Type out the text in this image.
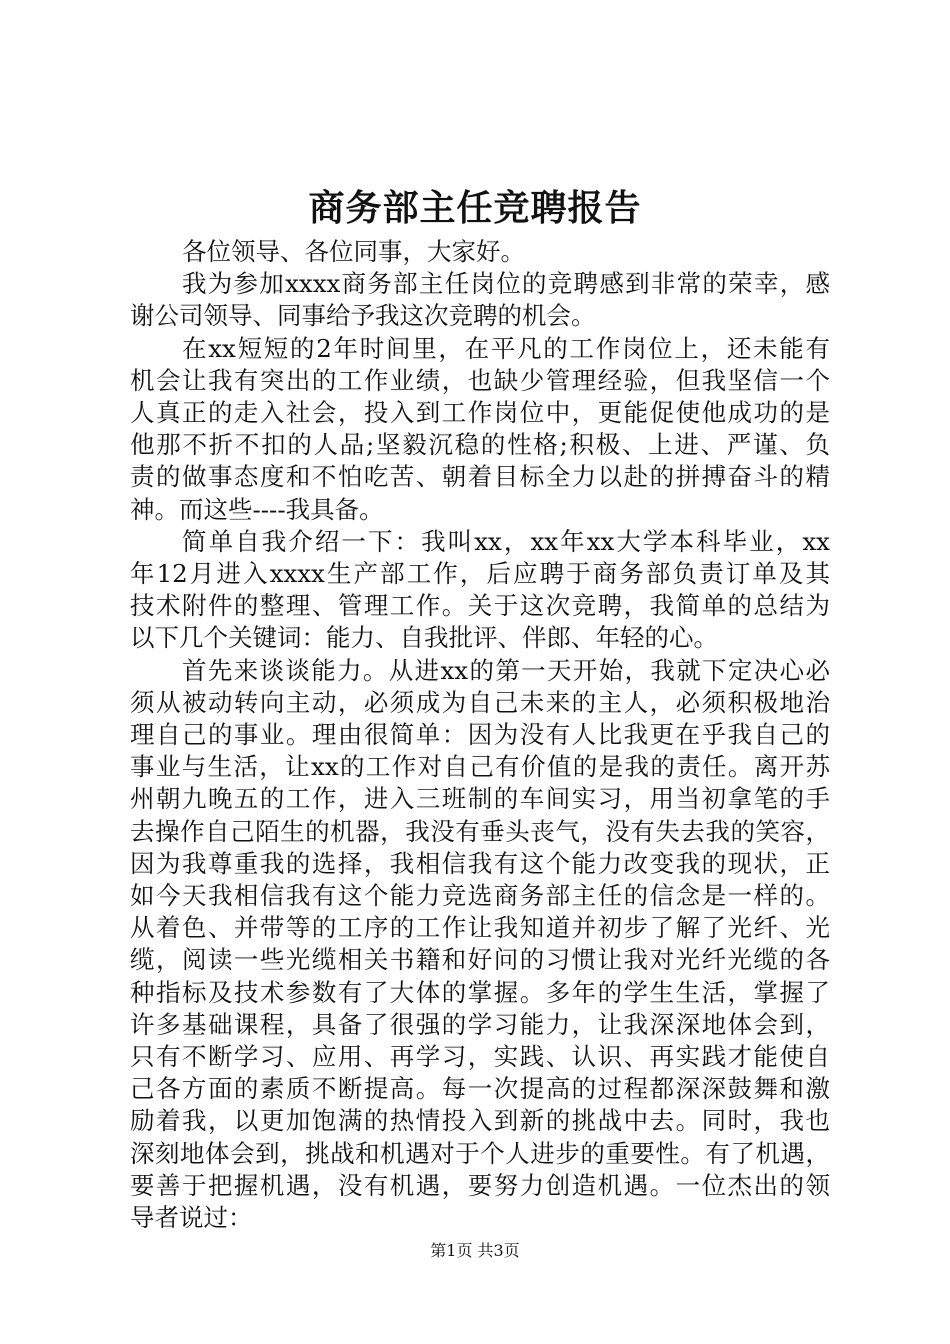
商务部主任竞聘报告
各位领导、各位同事，大家好。
我为参加xxxx商务部主任岗位的竞聘感到非常的荣幸，感
谢公司领导、同事给予我这次竞聘的机会。
在xx短短的2年时间里，在平凡的工作岗位上，还未能有
机会让我有突出的工作业绩，也缺少管理经验，但我坚信一个
人真正的走入社会，投入到工作岗位中，更能促使他成功的是
他那不折不扣的人品;坚毅沉稳的性格;积极、上进、严谨、负
责的做事态度和不怕吃苦、朝着目标全力以赴的拼搏奋斗的精
神。而这些----我具备。
简单自我介绍一下：我叫xx，xx年xx大学本科毕业，xx
年12月进入xxxx生产部工作，后应聘于商务部负责订单及其
技术附件的整理、管理工作。关于这次竞聘，我简单的总结为
以下几个关键词：能力、自我批评、伴郎、年轻的心。
首先来谈谈能力。从进xx的第一天开始，我就下定决心必
须从被动转向主动，必须成为自己未来的主人，必须积极地治
理自己的事业。理由很简单：因为没有人比我更在乎我自己的
事业与生活，让xx的工作对自己有价值的是我的责任。离开苏
州朝九晚五的工作，进入三班制的车间实习，用当初拿笔的手
去操作自己陌生的机器，我没有垂头丧气，没有失去我的笑容，
因为我尊重我的选择，我相信我有这个能力改变我的现状，正
如今天我相信我有这个能力竞选商务部主任的信念是一样的。
从着色、并带等的工序的工作让我知道并初步了解了光纤、光
缆，阅读一些光缆相关书籍和好问的习惯让我对光纤光缆的各
种指标及技术参数有了大体的掌握。多年的学生生活，掌握了
许多基础课程，具备了很强的学习能力，让我深深地体会到，
只有不断学习、应用、再学习，实践、认识、再实践才能使自
己各方面的素质不断提高。每一次提高的过程都深深鼓舞和激
励着我，以更加饱满的热情投入到新的挑战中去。同时，我也
深刻地体会到，挑战和机遇对于个人进步的重要性。有了机遇，
要善于把握机遇，没有机遇，要努力创造机遇。一位杰出的领
导者说过：
第1页 共3页
